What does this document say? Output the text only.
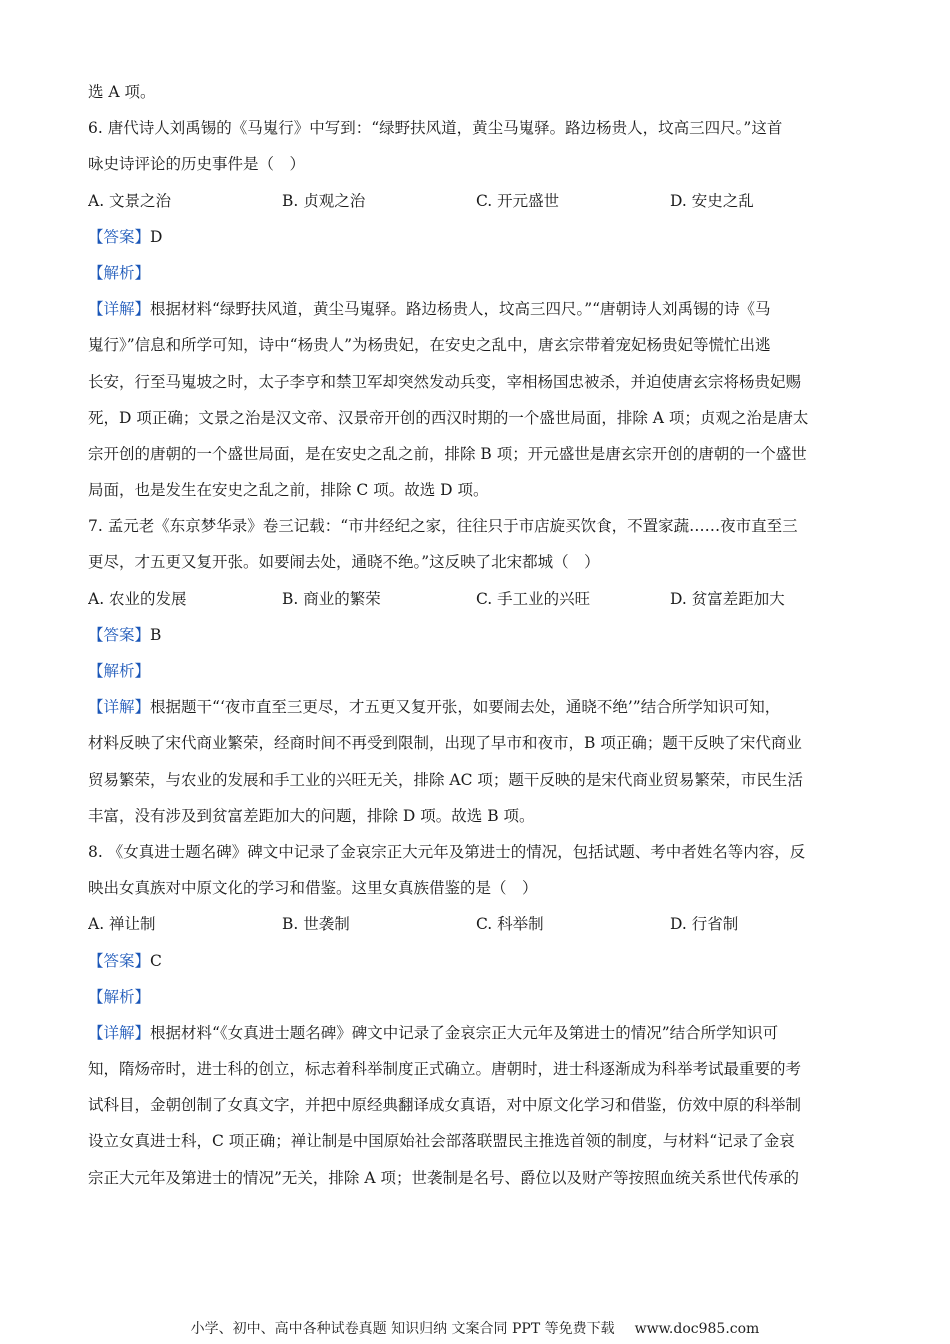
选 A 项。
6. 唐代诗人刘禹锡的《马嵬行》中写到：“绿野扶风道，黄尘马嵬驿。路边杨贵人，坟高三四尺。”这首
咏史诗评论的历史事件是（　）
A. 文景之治	B. 贞观之治	C. 开元盛世	D. 安史之乱
【答案】D
【解析】
【详解】根据材料“绿野扶风道，黄尘马嵬驿。路边杨贵人，坟高三四尺。”“唐朝诗人刘禹锡的诗《马
嵬行》”信息和所学可知，诗中“杨贵人”为杨贵妃，在安史之乱中，唐玄宗带着宠妃杨贵妃等慌忙出逃
长安，行至马嵬坡之时，太子李亨和禁卫军却突然发动兵变，宰相杨国忠被杀，并迫使唐玄宗将杨贵妃赐
死，D 项正确；文景之治是汉文帝、汉景帝开创的西汉时期的一个盛世局面，排除 A 项；贞观之治是唐太
宗开创的唐朝的一个盛世局面，是在安史之乱之前，排除 B 项；开元盛世是唐玄宗开创的唐朝的一个盛世
局面，也是发生在安史之乱之前，排除 C 项。故选 D 项。
7. 孟元老《东京梦华录》卷三记载：“市井经纪之家，往往只于市店旋买饮食，不置家蔬……夜市直至三
更尽，才五更又复开张。如要闹去处，通晓不绝。”这反映了北宋都城（　）
A. 农业的发展	B. 商业的繁荣	C. 手工业的兴旺	D. 贫富差距加大
【答案】B
【解析】
【详解】根据题干“‘夜市直至三更尽，才五更又复开张，如要闹去处，通晓不绝’”结合所学知识可知，
材料反映了宋代商业繁荣，经商时间不再受到限制，出现了早市和夜市，B 项正确；题干反映了宋代商业
贸易繁荣，与农业的发展和手工业的兴旺无关，排除 AC 项；题干反映的是宋代商业贸易繁荣，市民生活
丰富，没有涉及到贫富差距加大的问题，排除 D 项。故选 B 项。
8. 《女真进士题名碑》碑文中记录了金哀宗正大元年及第进士的情况，包括试题、考中者姓名等内容，反
映出女真族对中原文化的学习和借鉴。这里女真族借鉴的是（　）
A. 禅让制	B. 世袭制	C. 科举制	D. 行省制
【答案】C
【解析】
【详解】根据材料“《女真进士题名碑》碑文中记录了金哀宗正大元年及第进士的情况”结合所学知识可
知，隋炀帝时，进士科的创立，标志着科举制度正式确立。唐朝时，进士科逐渐成为科举考试最重要的考
试科目，金朝创制了女真文字，并把中原经典翻译成女真语，对中原文化学习和借鉴，仿效中原的科举制
设立女真进士科，C 项正确；禅让制是中国原始社会部落联盟民主推选首领的制度，与材料“记录了金哀
宗正大元年及第进士的情况”无关，排除 A 项；世袭制是名号、爵位以及财产等按照血统关系世代传承的
小学、初中、高中各种试卷真题 知识归纳 文案合同 PPT 等免费下载 www.doc985.com
